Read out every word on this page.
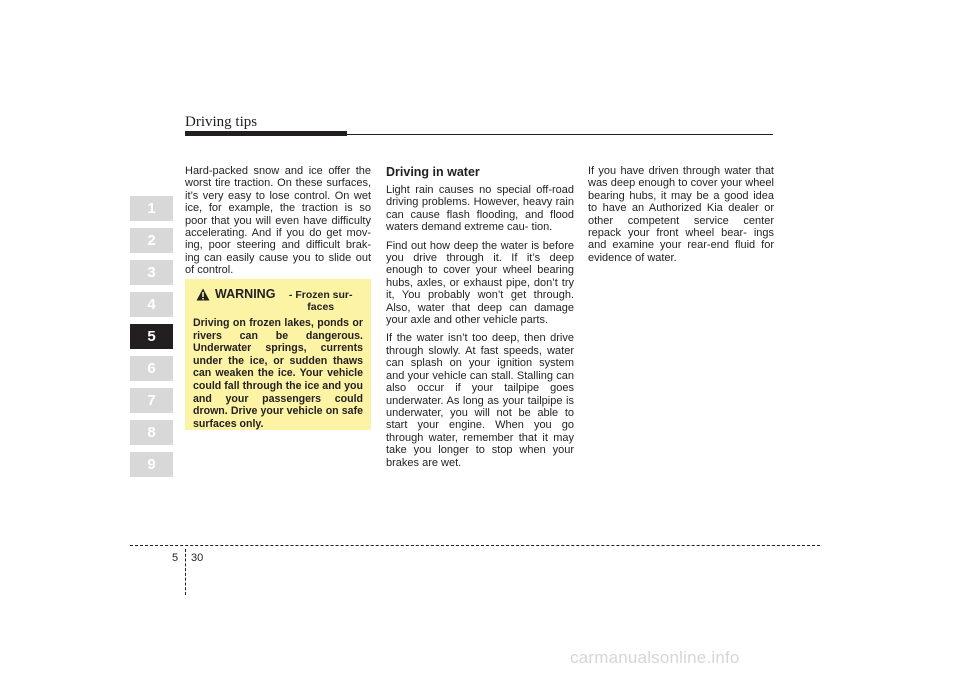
Driving tips
1
2
3
4
5
6
7
8
9

Hard-packed snow and ice offer the worst tire traction. On these surfaces, it’s very easy to lose control. On wet ice, for example, the traction is so poor that you will even have difficulty accelerating. And if you do get mov- ing, poor steering and difficult brak- ing can easily cause you to slide out of control.

WARNING	- Frozen sur- faces
Driving on frozen lakes, ponds or rivers can be dangerous. Underwater springs, currents under the ice, or sudden thaws can weaken the ice. Your vehicle could fall through the ice and you and your passengers could drown. Drive your vehicle on safe surfaces only.
Driving in water

Light rain causes no special off-road driving problems. However, heavy rain can cause flash flooding, and flood waters demand extreme cau- tion.

Find out how deep the water is before you drive through it. If it’s deep enough to cover your wheel bearing hubs, axles, or exhaust pipe, don’t try it, You probably won’t get through. Also, water that deep can damage your axle and other vehicle parts.

If the water isn’t too deep, then drive through slowly. At fast speeds, water can splash on your ignition system and your vehicle can stall. Stalling can also occur if your tailpipe goes underwater. As long as your tailpipe is underwater, you will not be able to start your engine. When you go through water, remember that it may take you longer to stop when your brakes are wet.

If you have driven through water that was deep enough to cover your wheel bearing hubs, it may be a good idea to have an Authorized Kia dealer or other competent service center repack your front wheel bear- ings and examine your rear-end fluid for evidence of water.

5 30
carmanualsonline.info
